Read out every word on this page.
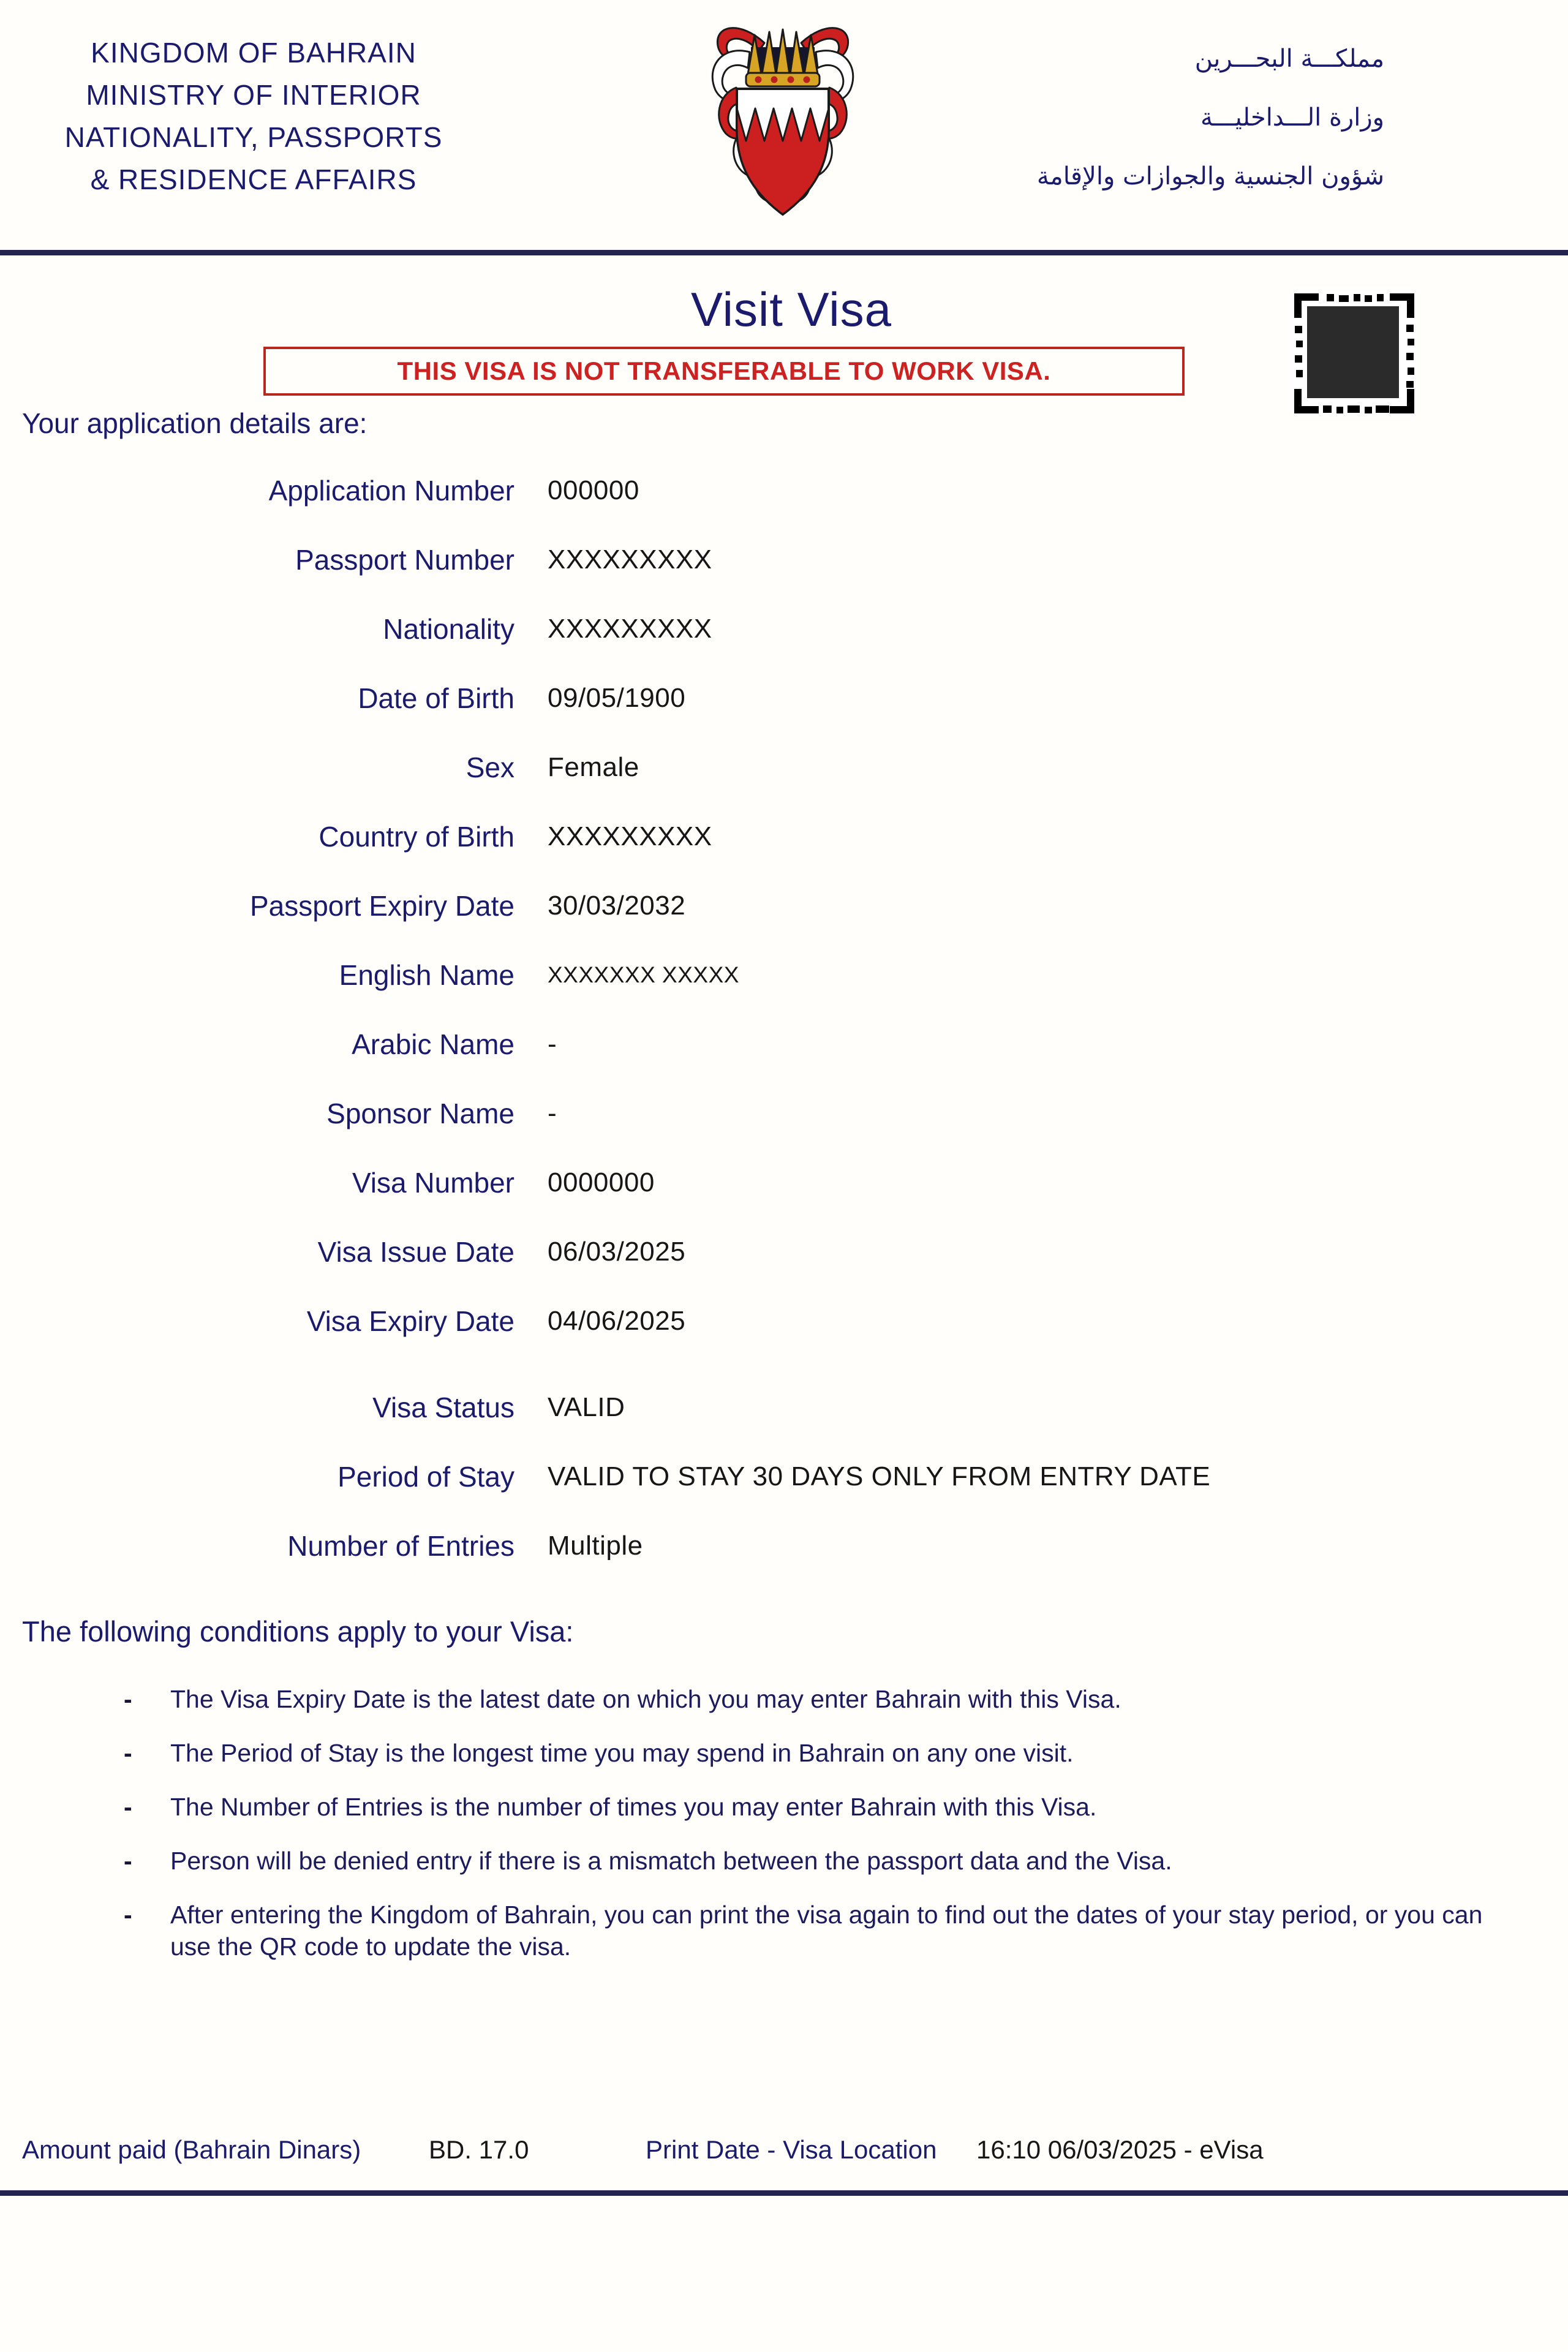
KINGDOM OF BAHRAIN
MINISTRY OF INTERIOR
NATIONALITY, PASSPORTS
& RESIDENCE AFFAIRS
مملكـــة البحـــرين
وزارة الـــداخليـــة
شؤون الجنسية والجوازات والإقامة
Visit Visa
THIS VISA IS NOT TRANSFERABLE TO WORK VISA.
Your application details are:
Application Number 000000
Passport Number XXXXXXXXX
Nationality XXXXXXXXX
Date of Birth 09/05/1900
Sex Female
Country of Birth XXXXXXXXX
Passport Expiry Date 30/03/2032
English Name XXXXXXX XXXXX
Arabic Name -
Sponsor Name -
Visa Number 0000000
Visa Issue Date 06/03/2025
Visa Expiry Date 04/06/2025
Visa Status VALID
Period of Stay VALID TO STAY 30 DAYS ONLY FROM ENTRY DATE
Number of Entries Multiple
The following conditions apply to your Visa:
-	The Visa Expiry Date is the latest date on which you may enter Bahrain with this Visa.
-	The Period of Stay is the longest time you may spend in Bahrain on any one visit.
-	The Number of Entries is the number of times you may enter Bahrain with this Visa.
-	Person will be denied entry if there is a mismatch between the passport data and the Visa.
-	After entering the Kingdom of Bahrain, you can print the visa again to find out the dates of your stay period, or you can use the QR code to update the visa.
Amount paid (Bahrain Dinars)	BD. 17.0	Print Date - Visa Location 16:10 06/03/2025 - eVisa
